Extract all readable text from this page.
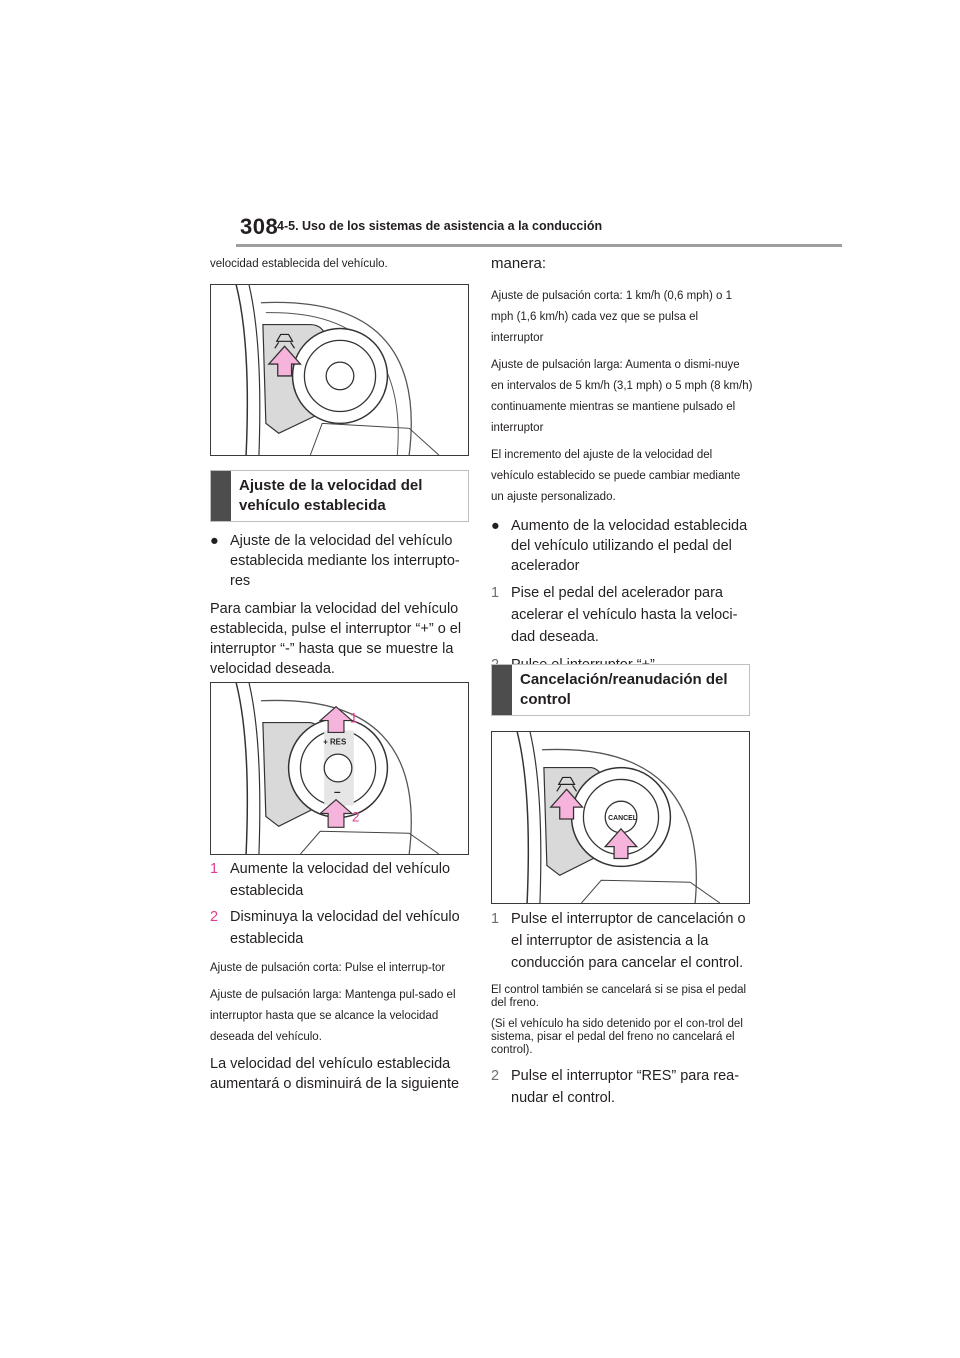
308
4-5. Uso de los sistemas de asistencia a la conducción

velocidad establecida del vehículo.

Ajuste de la velocidad del vehículo establecida

● Ajuste de la velocidad del vehículo establecida mediante los interrupto-res

Para cambiar la velocidad del vehículo establecida, pulse el interruptor “+” o el interruptor “-” hasta que se muestre la velocidad deseada.

+ RES
–
1
2
1 Aumente la velocidad del vehículo establecida

2 Disminuya la velocidad del vehículo establecida

Ajuste de pulsación corta: Pulse el interrup-tor

Ajuste de pulsación larga: Mantenga pul-sado el interruptor hasta que se alcance la velocidad deseada del vehículo.

La velocidad del vehículo establecida aumentará o disminuirá de la siguiente

manera:

Ajuste de pulsación corta: 1 km/h (0,6 mph) o 1 mph (1,6 km/h) cada vez que se pulsa el interruptor

Ajuste de pulsación larga: Aumenta o dismi-nuye en intervalos de 5 km/h (3,1 mph) o 5 mph (8 km/h) continuamente mientras se mantiene pulsado el interruptor

El incremento del ajuste de la velocidad del vehículo establecido se puede cambiar mediante un ajuste personalizado.

● Aumento de la velocidad establecida del vehículo utilizando el pedal del acelerador

1 Pise el pedal del acelerador para acelerar el vehículo hasta la veloci-dad deseada.

Cancelación/reanudación del control
CANCEL
1 Pulse el interruptor de cancelación o el interruptor de asistencia a la conducción para cancelar el control.

El control también se cancelará si se pisa el pedal del freno.

(Si el vehículo ha sido detenido por el con-trol del sistema, pisar el pedal del freno no cancelará el control).

2 Pulse el interruptor “RES” para rea-nudar el control.
